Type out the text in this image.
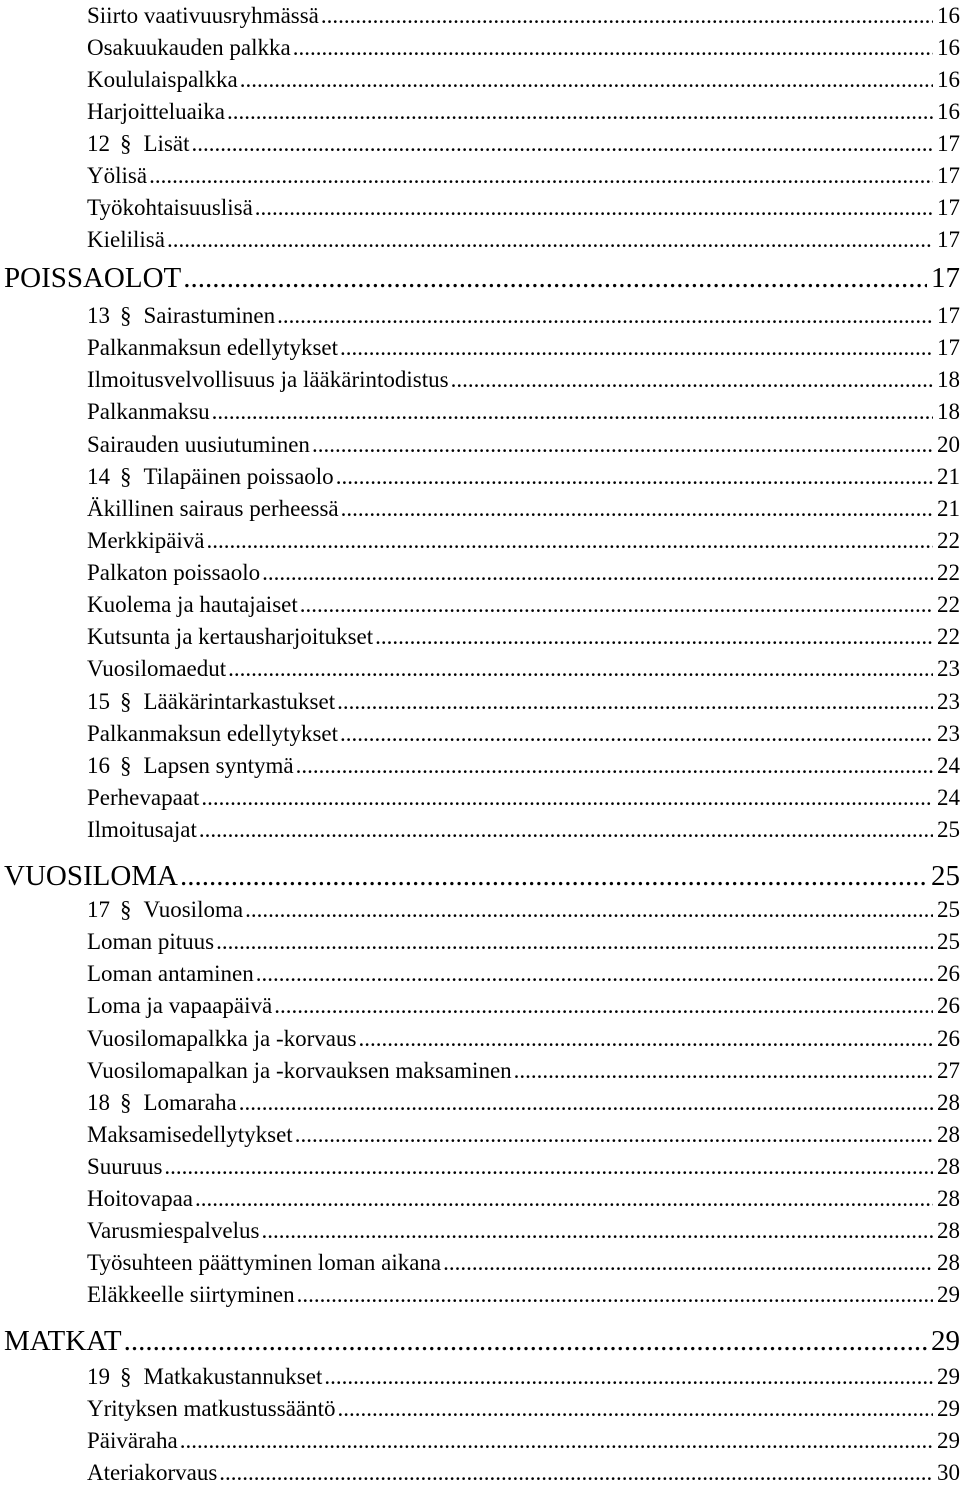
Siirto vaativuusryhmässä .....	16
Osakuukauden palkka .....	16
Koululaispalkka .....	16
Harjoitteluaika .....	16
12 § Lisät .....	17
Yölisä .....	17
Työkohtaisuuslisä .....	17
Kielilisä .....	17
POISSAOLOT .....	17
13 § Sairastuminen .....	17
Palkanmaksun edellytykset .....	17
Ilmoitusvelvollisuus ja lääkärintodistus .....	18
Palkanmaksu .....	18
Sairauden uusiutuminen .....	20
14 § Tilapäinen poissaolo .....	21
Äkillinen sairaus perheessä .....	21
Merkkipäivä .....	22
Palkaton poissaolo .....	22
Kuolema ja hautajaiset .....	22
Kutsunta ja kertausharjoitukset .....	22
Vuosilomaedut .....	23
15 § Lääkärintarkastukset .....	23
Palkanmaksun edellytykset .....	23
16 § Lapsen syntymä .....	24
Perhevapaat .....	24
Ilmoitusajat .....	25
VUOSILOMA .....	25
17 § Vuosiloma .....	25
Loman pituus .....	25
Loman antaminen .....	26
Loma ja vapaapäivä .....	26
Vuosilomapalkka ja -korvaus .....	26
Vuosilomapalkan ja -korvauksen maksaminen .....	27
18 § Lomaraha .....	28
Maksamisedellytykset .....	28
Suuruus .....	28
Hoitovapaa .....	28
Varusmiespalvelus .....	28
Työsuhteen päättyminen loman aikana .....	28
Eläkkeelle siirtyminen .....	29
MATKAT .....	29
19 § Matkakustannukset .....	29
Yrityksen matkustussääntö .....	29
Päiväraha .....	29
Ateriakorvaus .....	30
